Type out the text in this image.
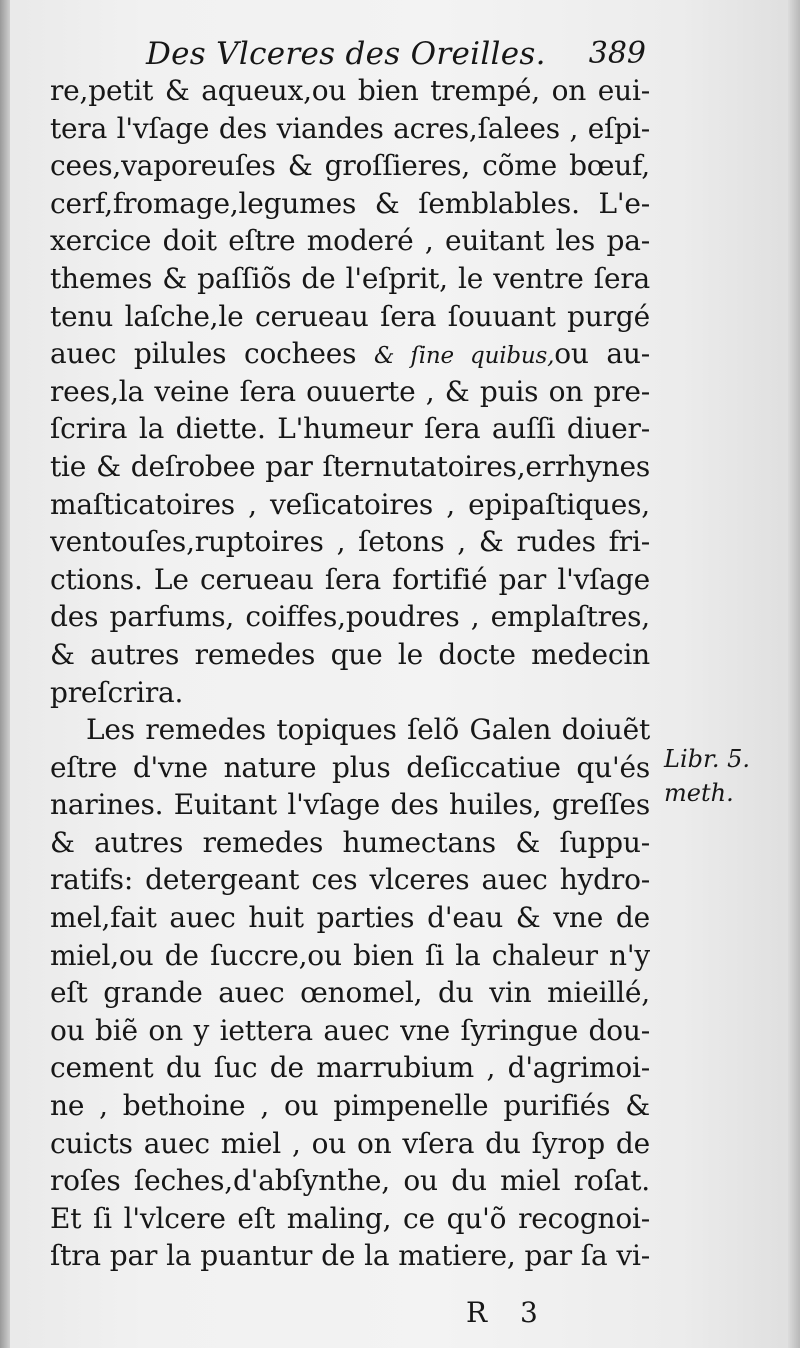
Des Vlceres des Oreilles. 389
re,petit & aqueux,ou bien trempé, on eui-
tera l'vſage des viandes acres,ſalees , eſpi-
cees,vaporeuſes & groſſieres, cõme bœuf,
cerf,fromage,legumes & ſemblables. L'e-
xercice doit eſtre moderé , euitant les pa-
themes & paſſiõs de l'eſprit, le ventre ſera
tenu laſche,le cerueau ſera ſouuant purgé
auec pilules cochees & ſine quibus,ou au-
rees,la veine ſera ouuerte , & puis on pre-
ſcrira la diette. L'humeur ſera auſſi diuer-
tie & deſrobee par ſternutatoires,errhynes
maſticatoires , veſicatoires , epipaſtiques,
ventouſes,ruptoires , ſetons , & rudes fri-
ctions. Le cerueau ſera fortifié par l'vſage
des parfums, coiffes,poudres , emplaſtres,
& autres remedes que le docte medecin
preſcrira.
Les remedes topiques ſelõ Galen doiuẽt
eſtre d'vne nature plus deſiccatiue qu'és
narines. Euitant l'vſage des huiles, greſſes
& autres remedes humectans & ſuppu-
ratifs: detergeant ces vlceres auec hydro-
mel,fait auec huit parties d'eau & vne de
miel,ou de ſuccre,ou bien ſi la chaleur n'y
eſt grande auec œnomel, du vin mieillé,
ou biẽ on y iettera auec vne ſyringue dou-
cement du ſuc de marrubium , d'agrimoi-
ne , bethoine , ou pimpenelle purifiés &
cuicts auec miel , ou on vſera du ſyrop de
roſes ſeches,d'abſynthe, ou du miel roſat.
Et ſi l'vlcere eſt maling, ce qu'õ recognoi-
ſtra par la puantur de la matiere, par ſa vi-
Libr. 5.
meth.
R 3
